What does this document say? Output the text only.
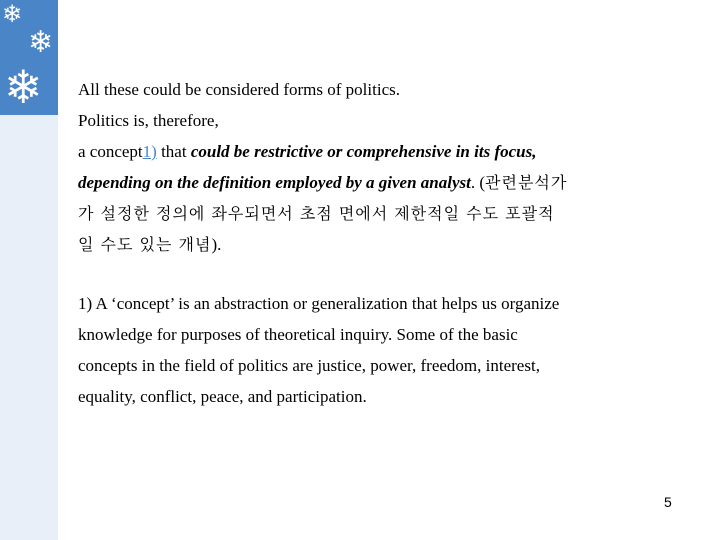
❄
❄
❄ All these could be considered forms of politics.
Politics is, therefore,
a concept1) that could be restrictive or comprehensive in its focus,
depending on the definition employed by a given analyst. (관련분석가
가 설정한 정의에 좌우되면서 초점 면에서 제한적일 수도 포괄적
일 수도 있는 개념).
1) A ‘concept’ is an abstraction or generalization that helps us organize
knowledge for purposes of theoretical inquiry. Some of the basic
concepts in the field of politics are justice, power, freedom, interest,
equality, conflict, peace, and participation.
5
